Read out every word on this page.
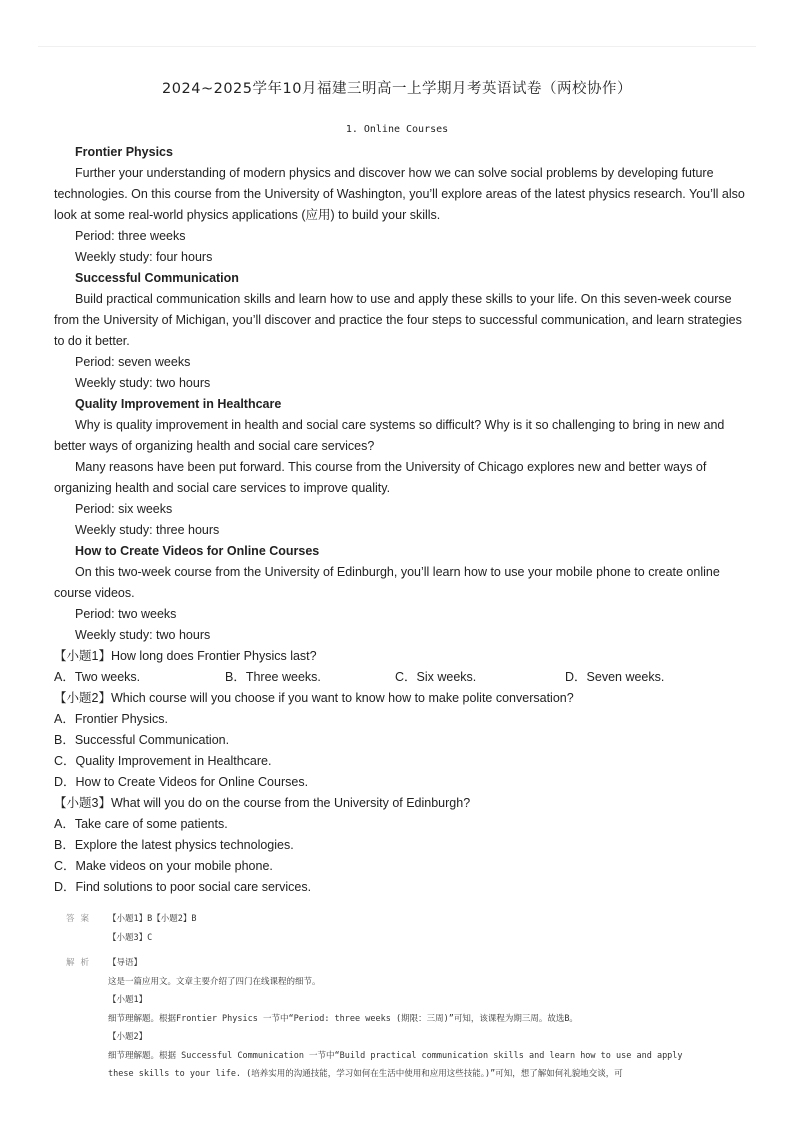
2024~2025学年10月福建三明高一上学期月考英语试卷（两校协作）
1. Online Courses

Frontier Physics

Further your understanding of modern physics and discover how we can solve social problems by developing future technologies. On this course from the University of Washington, you’ll explore areas of the latest physics research. You’ll also look at some real-world physics applications (应用) to build your skills.

Period: three weeks

Weekly study: four hours

Successful Communication

Build practical communication skills and learn how to use and apply these skills to your life. On this seven-week course from the University of Michigan, you’ll discover and practice the four steps to successful communication, and learn strategies to do it better.

Period: seven weeks

Weekly study: two hours

Quality Improvement in Healthcare

Why is quality improvement in health and social care systems so difficult? Why is it so challenging to bring in new and better ways of organizing health and social care services?

Many reasons have been put forward. This course from the University of Chicago explores new and better ways of organizing health and social care services to improve quality.

Period: six weeks

Weekly study: three hours

How to Create Videos for Online Courses

On this two-week course from the University of Edinburgh, you’ll learn how to use your mobile phone to create online course videos.

Period: two weeks

Weekly study: two hours

【小题1】How long does Frontier Physics last?

A．Two weeks.	B．Three weeks.	C．Six weeks.	D．Seven weeks.

【小题2】Which course will you choose if you want to know how to make polite conversation?

A．Frontier Physics.

B．Successful Communication.

C．Quality Improvement in Healthcare.

D．How to Create Videos for Online Courses.

【小题3】What will you do on the course from the University of Edinburgh?

A．Take care of some patients.

B．Explore the latest physics technologies.

C．Make videos on your mobile phone.

D．Find solutions to poor social care services.

答案	【小题1】B【小题2】B
【小题3】C
解析	【导语】
这是一篇应用文。文章主要介绍了四门在线课程的细节。
【小题1】
细节理解题。根据Frontier Physics 一节中“Period: three weeks (期限：三周)”可知，该课程为期三周。故选B。
【小题2】
细节理解题。根据 Successful Communication 一节中“Build practical communication skills and learn how to use and apply
these skills to your life. (培养实用的沟通技能，学习如何在生活中使用和应用这些技能。)”可知，想了解如何礼貌地交谈，可
